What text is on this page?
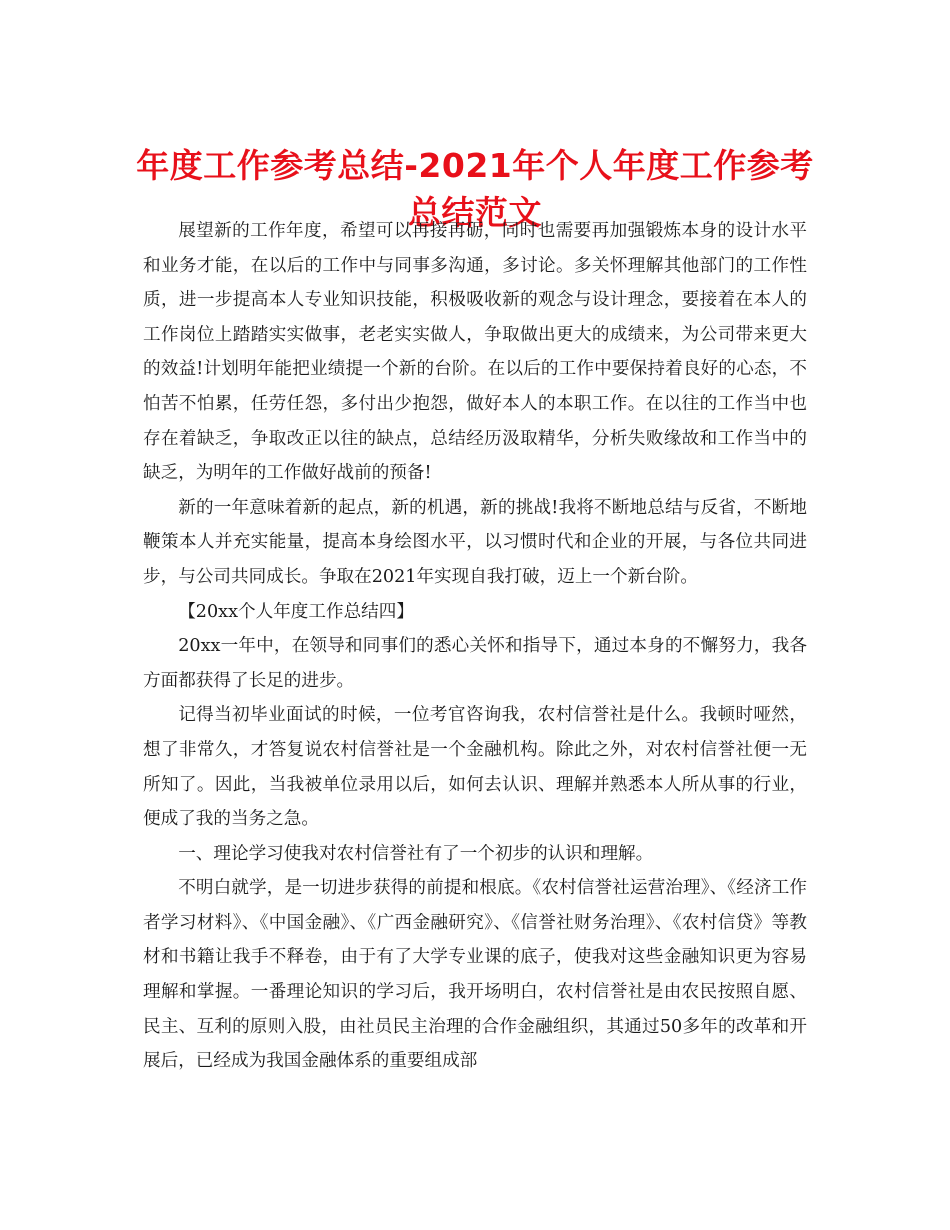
年度工作参考总结-2021年个人年度工作参考总结范文

展望新的工作年度，希望可以再接再砺，同时也需要再加强锻炼本身的设计水平和业务才能，在以后的工作中与同事多沟通，多讨论。多关怀理解其他部门的工作性质，进一步提高本人专业知识技能，积极吸收新的观念与设计理念，要接着在本人的工作岗位上踏踏实实做事，老老实实做人，争取做出更大的成绩来，为公司带来更大的效益!计划明年能把业绩提一个新的台阶。在以后的工作中要保持着良好的心态，不怕苦不怕累，任劳任怨，多付出少抱怨，做好本人的本职工作。在以往的工作当中也存在着缺乏，争取改正以往的缺点，总结经历汲取精华，分析失败缘故和工作当中的缺乏，为明年的工作做好战前的预备!

新的一年意味着新的起点，新的机遇，新的挑战!我将不断地总结与反省，不断地鞭策本人并充实能量，提高本身绘图水平，以习惯时代和企业的开展，与各位共同进步，与公司共同成长。争取在2021年实现自我打破，迈上一个新台阶。

【20xx个人年度工作总结四】

20xx一年中，在领导和同事们的悉心关怀和指导下，通过本身的不懈努力，我各方面都获得了长足的进步。

记得当初毕业面试的时候，一位考官咨询我，农村信誉社是什么。我顿时哑然，想了非常久，才答复说农村信誉社是一个金融机构。除此之外，对农村信誉社便一无所知了。因此，当我被单位录用以后，如何去认识、理解并熟悉本人所从事的行业，便成了我的当务之急。

一、理论学习使我对农村信誉社有了一个初步的认识和理解。

不明白就学，是一切进步获得的前提和根底。《农村信誉社运营治理》、《经济工作者学习材料》、《中国金融》、《广西金融研究》、《信誉社财务治理》、《农村信贷》等教材和书籍让我手不释卷，由于有了大学专业课的底子，使我对这些金融知识更为容易理解和掌握。一番理论知识的学习后，我开场明白，农村信誉社是由农民按照自愿、民主、互利的原则入股，由社员民主治理的合作金融组织，其通过50多年的改革和开展后，已经成为我国金融体系的重要组成部
